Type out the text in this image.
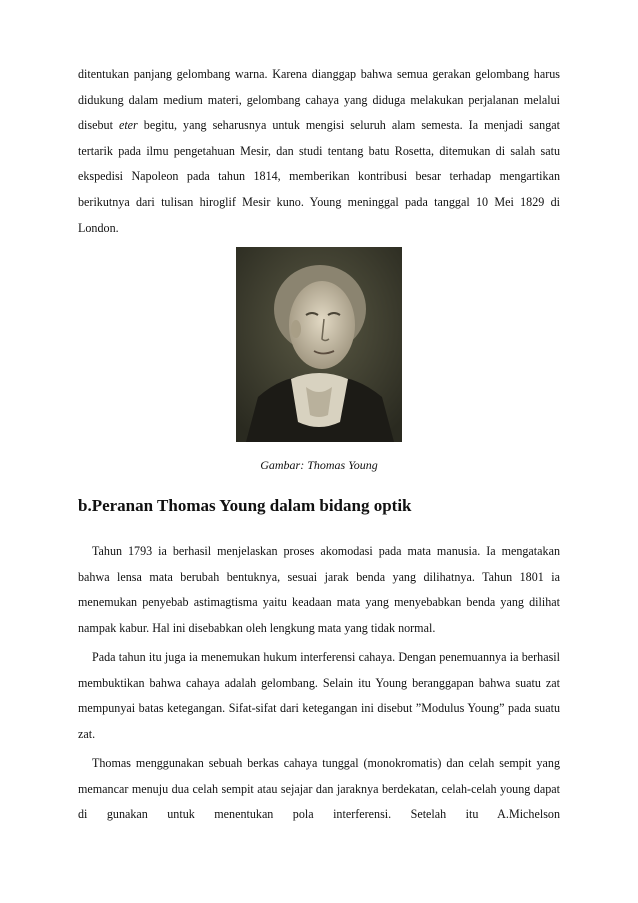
ditentukan panjang gelombang warna. Karena dianggap bahwa semua gerakan gelombang harus didukung dalam medium materi, gelombang cahaya yang diduga melakukan perjalanan melalui disebut eter begitu, yang seharusnya untuk mengisi seluruh alam semesta. Ia menjadi sangat tertarik pada ilmu pengetahuan Mesir, dan studi tentang batu Rosetta, ditemukan di salah satu ekspedisi Napoleon pada tahun 1814, memberikan kontribusi besar terhadap mengartikan berikutnya dari tulisan hiroglif Mesir kuno. Young meninggal pada tanggal 10 Mei 1829 di London.

Gambar: Thomas Young
b.Peranan Thomas Young dalam bidang optik

Tahun 1793 ia berhasil menjelaskan proses akomodasi pada mata manusia. Ia mengatakan bahwa lensa mata berubah bentuknya, sesuai jarak benda yang dilihatnya. Tahun 1801 ia menemukan penyebab astimagtisma yaitu keadaan mata yang menyebabkan benda yang dilihat nampak kabur. Hal ini disebabkan oleh lengkung mata yang tidak normal.

Pada tahun itu juga ia menemukan hukum interferensi cahaya. Dengan penemuannya ia berhasil membuktikan bahwa cahaya adalah gelombang. Selain itu Young beranggapan bahwa suatu zat mempunyai batas ketegangan. Sifat-sifat dari ketegangan ini disebut ”Modulus Young” pada suatu zat.

Thomas menggunakan sebuah berkas cahaya tunggal (monokromatis) dan celah sempit yang memancar menuju dua celah sempit atau sejajar dan jaraknya berdekatan, celah-celah young dapat di gunakan untuk menentukan pola interferensi. Setelah itu A.Michelson
